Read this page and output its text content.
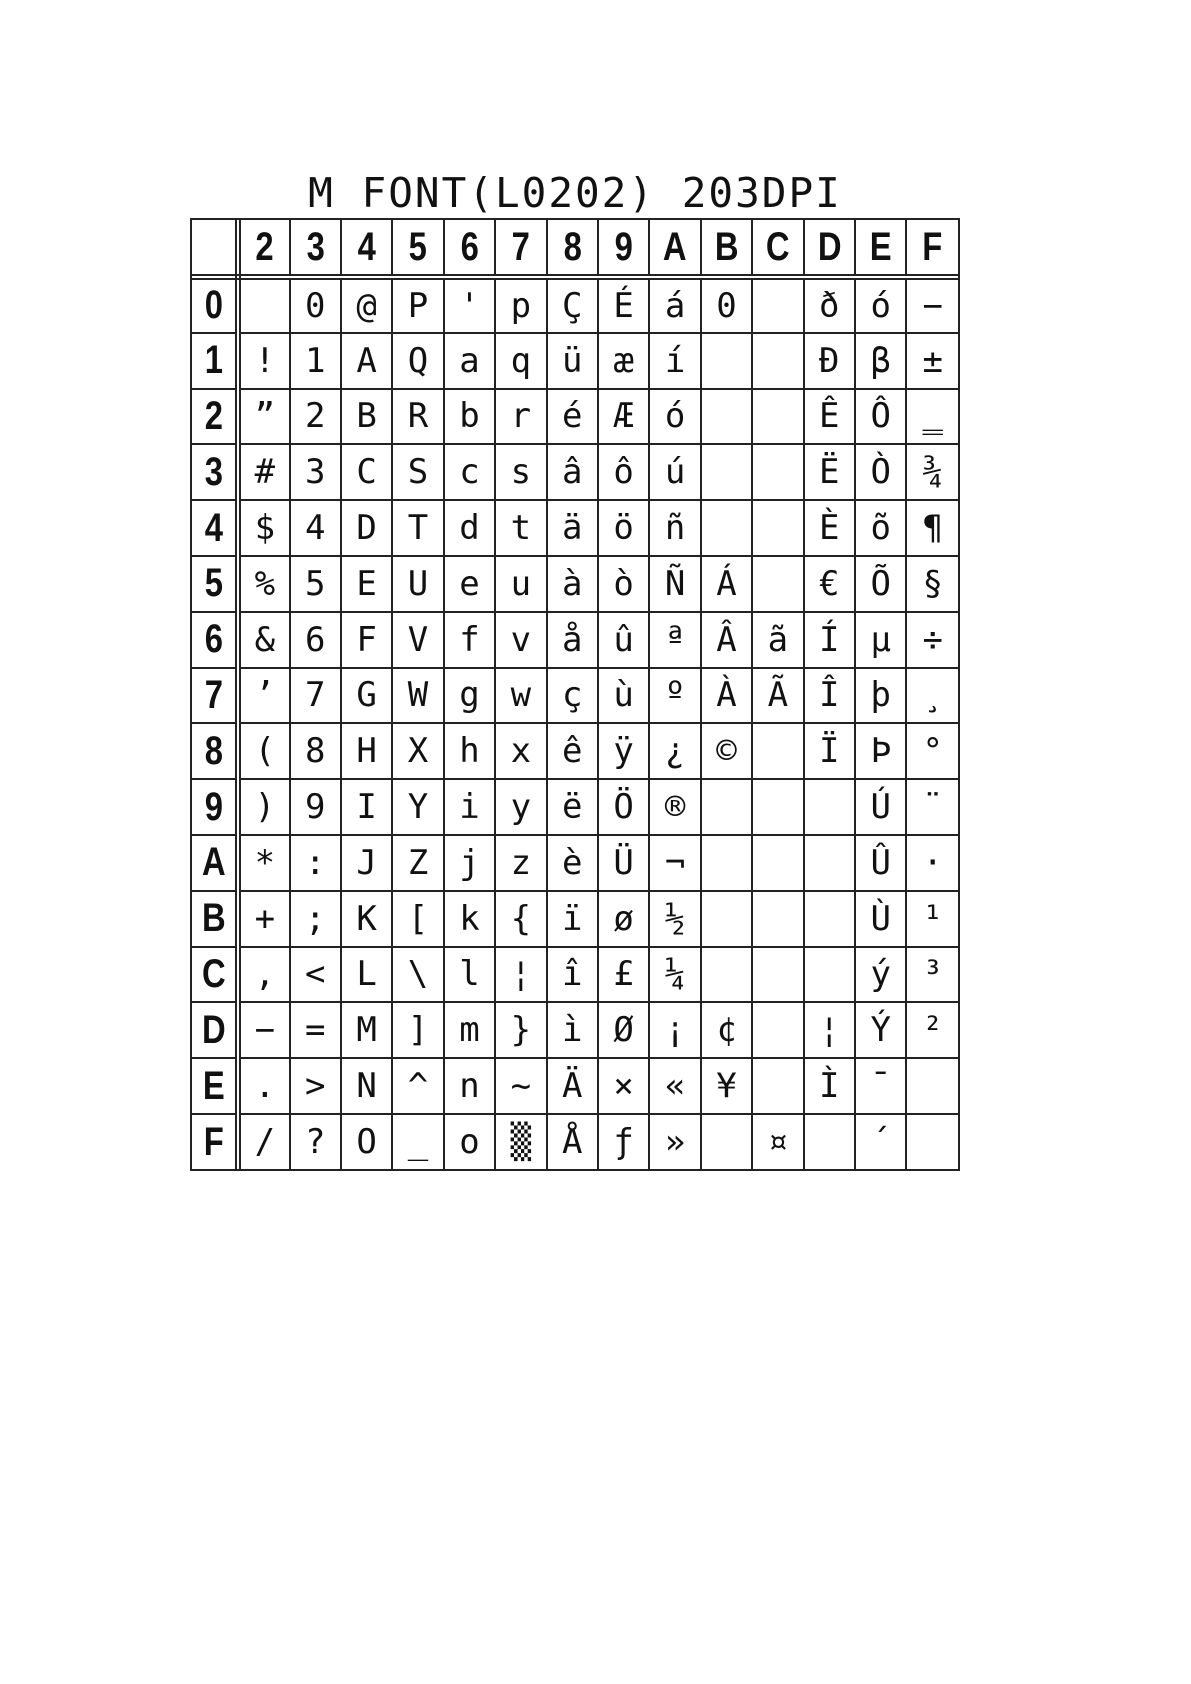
M FONT(L0202) 203DPI
	2	3	4	5	6	7	8	9	A	B	C	D	E	F
0		0	@	P	'	p	Ç	É	á	0		ð	ó	−
1	!	1	A	Q	a	q	ü	æ	í			Đ	β	±
2	”	2	B	R	b	r	é	Æ	ó			Ê	Ô	‗
3	#	3	C	S	c	s	â	ô	ú			Ë	Ò	¾
4	$	4	D	T	d	t	ä	ö	ñ			È	õ	¶
5	%	5	E	U	e	u	à	ò	Ñ	Á		€	Õ	§
6	&	6	F	V	f	v	å	û	ª	Â	ã	Í	µ	÷
7	’	7	G	W	g	w	ç	ù	º	À	Ã	Î	þ	¸
8	(	8	H	X	h	x	ê	ÿ	¿	©		Ï	Þ	°
9	)	9	I	Y	i	y	ë	Ö	®				Ú	¨
A	*	:	J	Z	j	z	è	Ü	¬				Û	·
B	+	;	K	[	k	{	ï	ø	½				Ù	¹
C	,	<	L	\	l	¦	î	£	¼				ý	³
D	−	=	M	]	m	}	ì	Ø	¡	¢		¦	Ý	²
E	.	>	N	^	n	~	Ä	×	«	¥		Ì	¯	
F	/	?	O	_	o	▒	Å	ƒ	»		¤		´	
